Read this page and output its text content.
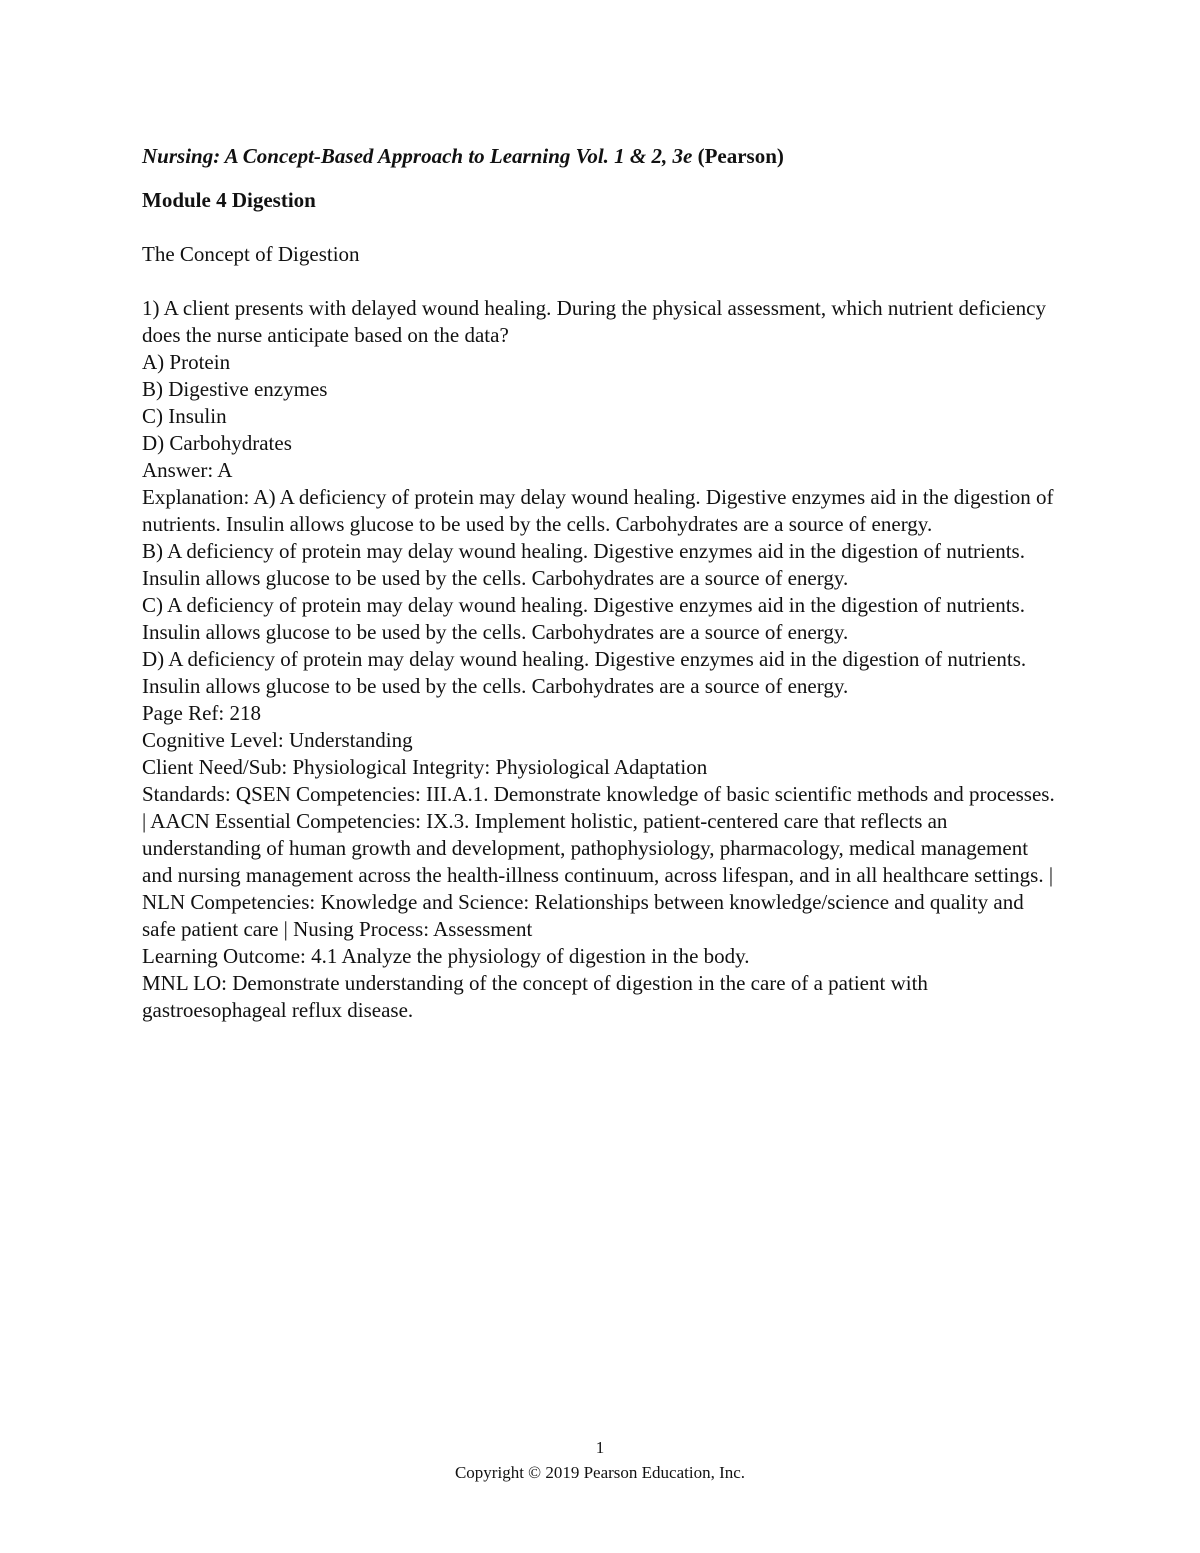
Nursing: A Concept-Based Approach to Learning Vol. 1 & 2, 3e (Pearson)

Module 4 Digestion

The Concept of Digestion

1) A client presents with delayed wound healing. During the physical assessment, which nutrient deficiency does the nurse anticipate based on the data?

A) Protein

B) Digestive enzymes

C) Insulin

D) Carbohydrates

Answer: A

Explanation: A) A deficiency of protein may delay wound healing. Digestive enzymes aid in the digestion of nutrients. Insulin allows glucose to be used by the cells. Carbohydrates are a source of energy.

B) A deficiency of protein may delay wound healing. Digestive enzymes aid in the digestion of nutrients. Insulin allows glucose to be used by the cells. Carbohydrates are a source of energy.

C) A deficiency of protein may delay wound healing. Digestive enzymes aid in the digestion of nutrients. Insulin allows glucose to be used by the cells. Carbohydrates are a source of energy.

D) A deficiency of protein may delay wound healing. Digestive enzymes aid in the digestion of nutrients. Insulin allows glucose to be used by the cells. Carbohydrates are a source of energy.

Page Ref: 218

Cognitive Level: Understanding

Client Need/Sub: Physiological Integrity: Physiological Adaptation

Standards: QSEN Competencies: III.A.1. Demonstrate knowledge of basic scientific methods and processes. | AACN Essential Competencies: IX.3. Implement holistic, patient-centered care that reflects an understanding of human growth and development, pathophysiology, pharmacology, medical management and nursing management across the health-illness continuum, across lifespan, and in all healthcare settings. | NLN Competencies: Knowledge and Science: Relationships between knowledge/science and quality and safe patient care | Nusing Process: Assessment

Learning Outcome: 4.1 Analyze the physiology of digestion in the body.

MNL LO: Demonstrate understanding of the concept of digestion in the care of a patient with gastroesophageal reflux disease.

1
Copyright © 2019 Pearson Education, Inc.
